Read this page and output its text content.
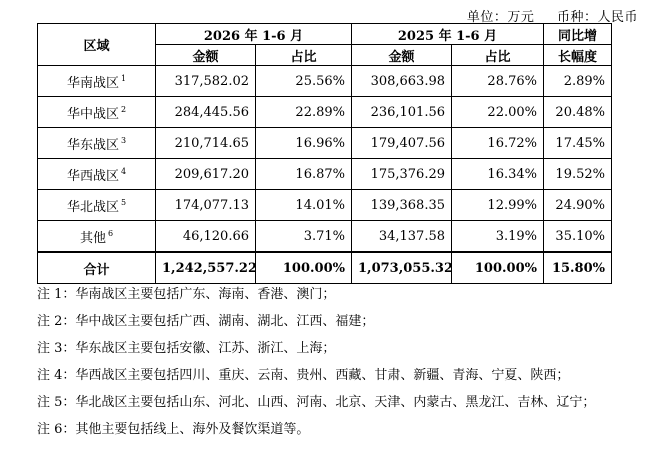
单位：万元 币种：人民币
区域	2026 年 1-6 月		2025 年 1-6 月		同比增
	金额	占比	金额	占比	长幅度
华南战区 $^1$	317,582.02	25.56%	308,663.98	28.76%	2.89%
华中战区 $^2$	284,445.56	22.89%	236,101.56	22.00%	20.48%
华东战区 $^3$	210,714.65	16.96%	179,407.56	16.72%	17.45%
华西战区 $^4$	209,617.20	16.87%	175,376.29	16.34%	19.52%
华北战区 $^5$	174,077.13	14.01%	139,368.35	12.99%	24.90%
其他 $^6$	46,120.66	3.71%	34,137.58	3.19%	35.10%
合计	1,242,557.22	100.00%	1,073,055.32	100.00%	15.80%
注 1：华南战区主要包括广东、海南、香港、澳门；
注 2：华中战区主要包括广西、湖南、湖北、江西、福建；
注 3：华东战区主要包括安徽、江苏、浙江、上海；
注 4：华西战区主要包括四川、重庆、云南、贵州、西藏、甘肃、新疆、青海、宁夏、陕西；
注 5：华北战区主要包括山东、河北、山西、河南、北京、天津、内蒙古、黑龙江、吉林、辽宁；
注 6：其他主要包括线上、海外及餐饮渠道等。
